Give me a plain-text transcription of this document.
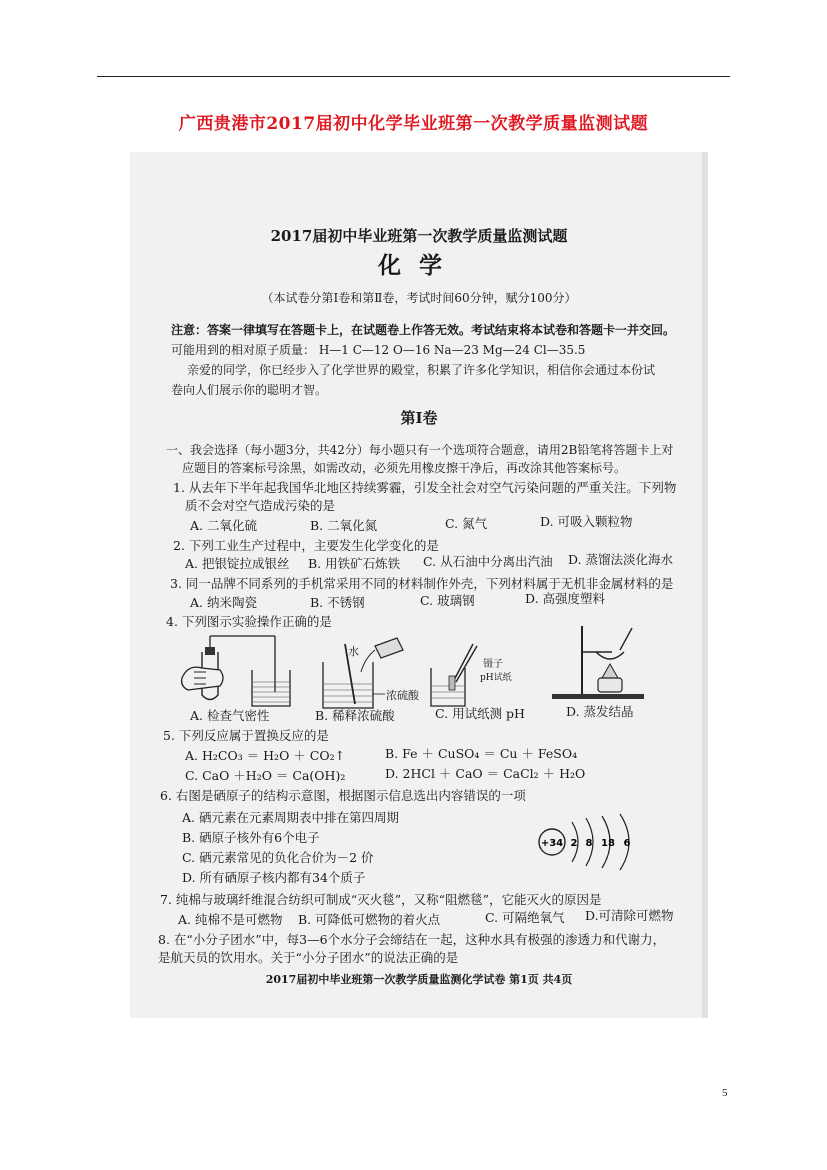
广西贵港市2017届初中化学毕业班第一次教学质量监测试题
2017届初中毕业班第一次教学质量监测试题
化学
（本试卷分第Ⅰ卷和第Ⅱ卷，考试时间60分钟，赋分100分）
注意：答案一律填写在答题卡上，在试题卷上作答无效。考试结束将本试卷和答题卡一并交回。
可能用到的相对原子质量： H—1 C—12 O—16 Na—23 Mg—24 Cl—35.5
亲爱的同学，你已经步入了化学世界的殿堂，积累了许多化学知识，相信你会通过本份试
卷向人们展示你的聪明才智。
第Ⅰ卷
一、我会选择（每小题3分，共42分）每小题只有一个选项符合题意，请用2B铅笔将答题卡上对
应题目的答案标号涂黑，如需改动，必须先用橡皮擦干净后，再改涂其他答案标号。
1. 从去年下半年起我国华北地区持续雾霾，引发全社会对空气污染问题的严重关注。下列物
质不会对空气造成污染的是
A. 二氧化硫	B. 二氧化氮	C. 氮气	D. 可吸入颗粒物
2. 下列工业生产过程中，主要发生化学变化的是
A. 把银锭拉成银丝 B. 用铁矿石炼铁 C. 从石油中分离出汽油 D. 蒸馏法淡化海水
3. 同一品牌不同系列的手机常采用不同的材料制作外壳，下列材料属于无机非金属材料的是
A. 纳米陶瓷	B. 不锈钢	C. 玻璃钢	D. 高强度塑料
4. 下列图示实验操作正确的是
水
浓硫酸
镊子
pH试纸
A. 检查气密性	B. 稀释浓硫酸	C. 用试纸测 pH	D. 蒸发结晶
5. 下列反应属于置换反应的是
A. H₂CO₃ ＝ H₂O ＋ CO₂↑	B. Fe ＋ CuSO₄ ＝ Cu ＋ FeSO₄
C. CaO ＋H₂O ＝ Ca(OH)₂	D. 2HCl ＋ CaO ＝ CaCl₂ ＋ H₂O
6. 右图是硒原子的结构示意图，根据图示信息选出内容错误的一项
A. 硒元素在元素周期表中排在第四周期
B. 硒原子核外有6个电子
C. 硒元素常见的负化合价为－2 价
D. 所有硒原子核内都有34个质子
+34 2 8 18 6
7. 纯棉与玻璃纤维混合纺织可制成“灭火毯”，又称“阻燃毯”，它能灭火的原因是
A. 纯棉不是可燃物 B. 可降低可燃物的着火点	C. 可隔绝氧气 D.可清除可燃物
8. 在“小分子团水”中，每3—6个水分子会缔结在一起，这种水具有极强的渗透力和代谢力，
是航天员的饮用水。关于“小分子团水”的说法正确的是
2017届初中毕业班第一次教学质量监测化学试卷 第1页 共4页
5
